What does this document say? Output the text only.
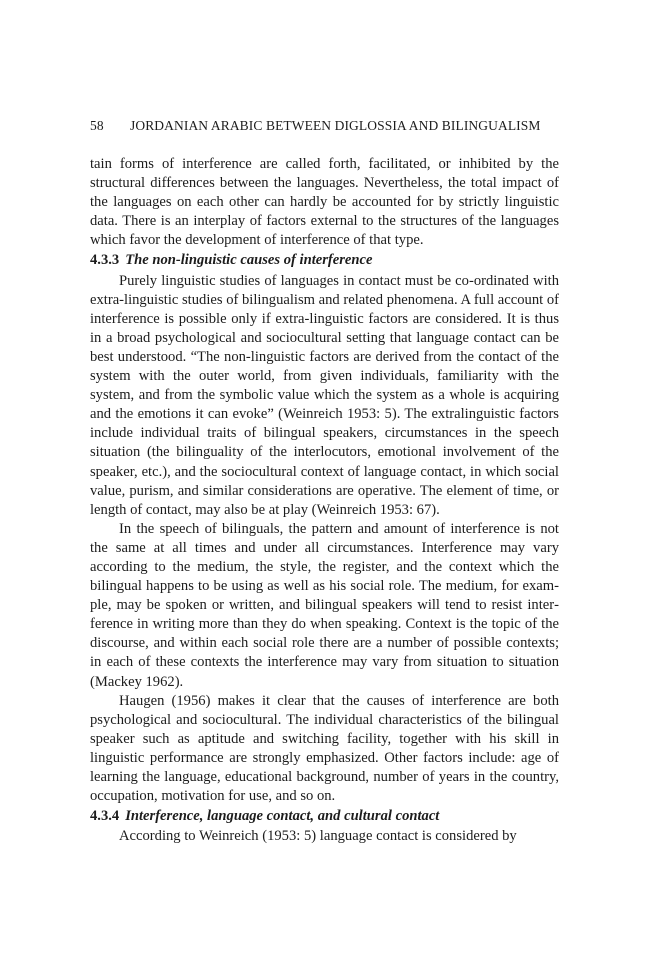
58 JORDANIAN ARABIC BETWEEN DIGLOSSIA AND BILINGUALISM

tain forms of interference are called forth, facilitated, or inhibited by the structural differences between the languages. Nevertheless, the total impact of the languages on each other can hardly be accounted for by strictly linguistic data. There is an interplay of factors external to the structures of the languages which favor the development of interference of that type.

4.3.3 The non-linguistic causes of interference

Purely linguistic studies of languages in contact must be co-ordinated with extra-linguistic studies of bilingualism and related phenomena. A full account of interference is possible only if extra-linguistic factors are considered. It is thus in a broad psychological and sociocultural setting that language contact can be best understood. “The non-linguistic factors are derived from the contact of the system with the outer world, from given individuals, familiarity with the system, and from the symbolic value which the system as a whole is acquiring and the emotions it can evoke” (Weinreich 1953: 5). The extralinguistic factors include individual traits of bilingual speakers, circumstances in the speech situation (the bilinguality of the interlocutors, emotional involvement of the speaker, etc.), and the sociocultural context of language contact, in which social value, purism, and similar considerations are operative. The element of time, or length of contact, may also be at play (Weinreich 1953: 67).

In the speech of bilinguals, the pattern and amount of interference is not the same at all times and under all circumstances. Interference may vary according to the medium, the style, the register, and the context which the bilingual happens to be using as well as his social role. The medium, for example, may be spoken or written, and bilingual speakers will tend to resist interference in writing more than they do when speaking. Context is the topic of the discourse, and within each social role there are a number of possible contexts; in each of these contexts the interference may vary from situation to situation (Mackey 1962).

Haugen (1956) makes it clear that the causes of interference are both psychological and sociocultural. The individual characteristics of the bilingual speaker such as aptitude and switching facility, together with his skill in linguistic performance are strongly emphasized. Other factors include: age of learning the language, educational background, number of years in the country, occupation, motivation for use, and so on.

4.3.4 Interference, language contact, and cultural contact

According to Weinreich (1953: 5) language contact is considered by
